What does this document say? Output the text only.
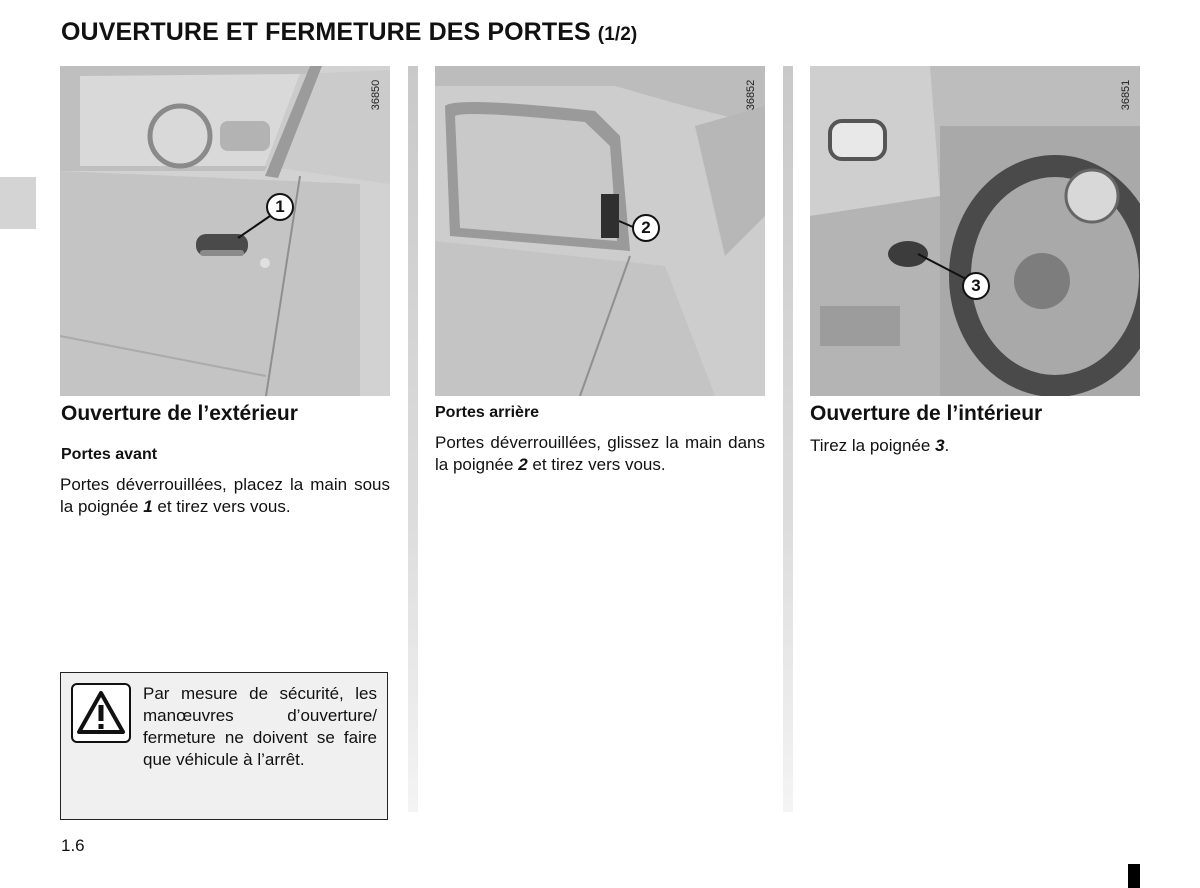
OUVERTURE ET FERMETURE DES PORTES (1/2)
36850
1
36852
2
36851
3
Ouverture de l’extérieur
Portes avant

Portes déverrouillées, placez la main sous la poignée 1 et tirez vers vous.

Portes arrière

Portes déverrouillées, glissez la main dans la poignée 2 et tirez vers vous.

Ouverture de l’intérieur

Tirez la poignée 3.

Par mesure de sécurité, les manœuvres d’ouverture/ fermeture ne doivent se faire que véhicule à l’arrêt.

1.6
